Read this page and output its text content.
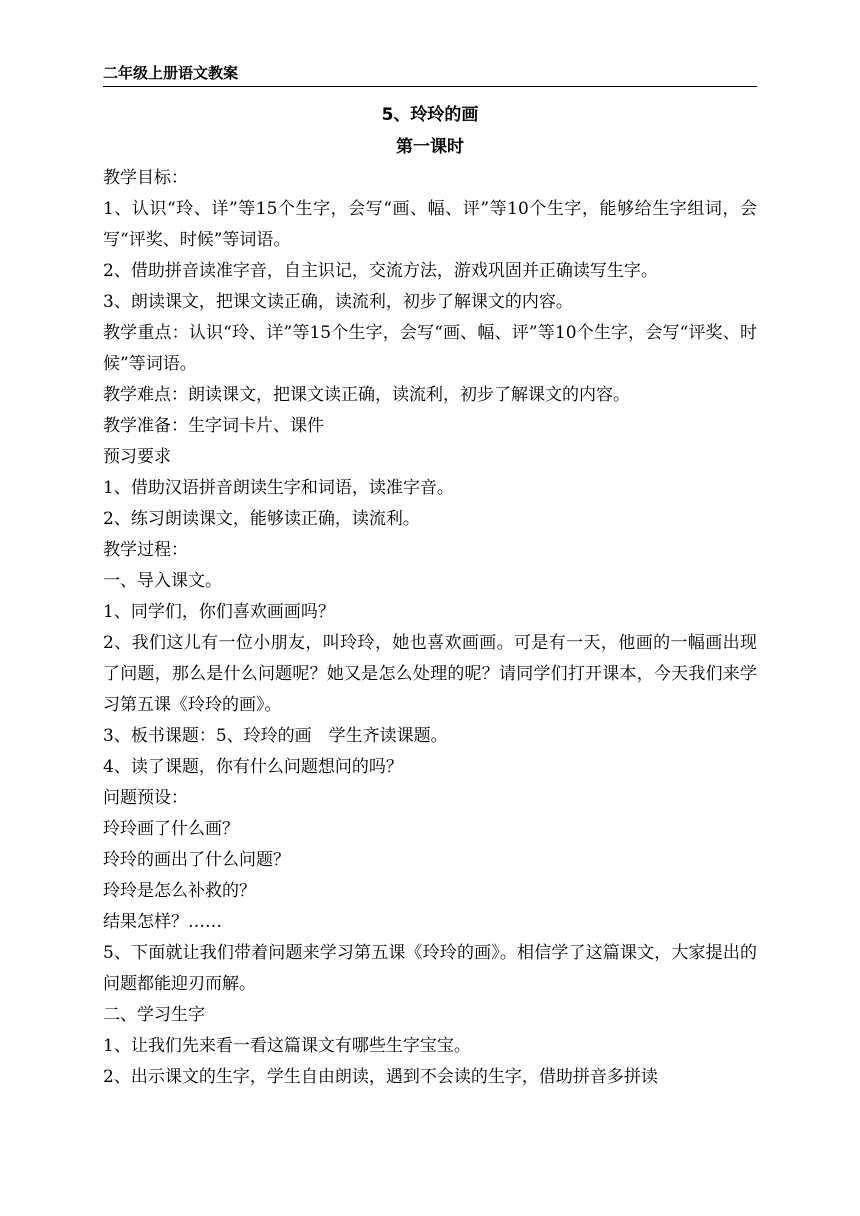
二年级上册语文教案

5、玲玲的画

第一课时

教学目标：

1、认识“玲、详”等15个生字，会写“画、幅、评”等10个生字，能够给生字组词，会写“评奖、时候”等词语。

2、借助拼音读准字音，自主识记，交流方法，游戏巩固并正确读写生字。

3、朗读课文，把课文读正确，读流利，初步了解课文的内容。

教学重点：认识“玲、详”等15个生字，会写“画、幅、评”等10个生字，会写“评奖、时候”等词语。

教学难点：朗读课文，把课文读正确，读流利，初步了解课文的内容。

教学准备：生字词卡片、课件

预习要求

1、借助汉语拼音朗读生字和词语，读准字音。

2、练习朗读课文，能够读正确，读流利。

教学过程：

一、导入课文。

1、同学们，你们喜欢画画吗？

2、我们这儿有一位小朋友，叫玲玲，她也喜欢画画。可是有一天，他画的一幅画出现了问题，那么是什么问题呢？她又是怎么处理的呢？请同学们打开课本，今天我们来学习第五课《玲玲的画》。

3、板书课题：5、玲玲的画　学生齐读课题。

4、读了课题，你有什么问题想问的吗？

问题预设：

玲玲画了什么画？

玲玲的画出了什么问题？

玲玲是怎么补救的？

结果怎样？……

5、下面就让我们带着问题来学习第五课《玲玲的画》。相信学了这篇课文，大家提出的问题都能迎刃而解。

二、学习生字

1、让我们先来看一看这篇课文有哪些生字宝宝。

2、出示课文的生字，学生自由朗读，遇到不会读的生字，借助拼音多拼读
